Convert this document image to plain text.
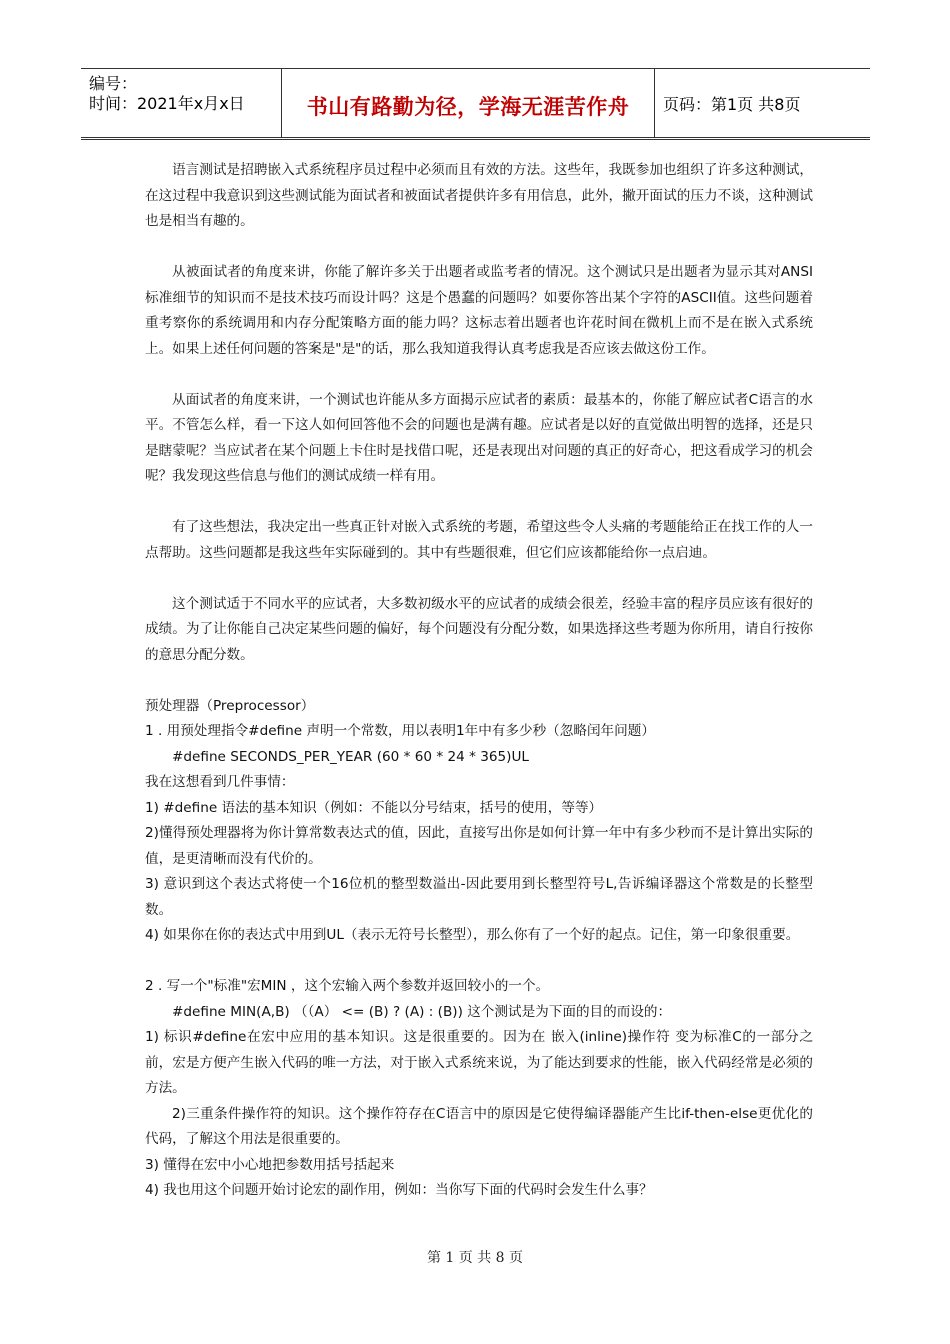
编号：
时间：2021年x月x日	书山有路勤为径，学海无涯苦作舟	页码：第1页 共8页

语言测试是招聘嵌入式系统程序员过程中必须而且有效的方法。这些年，我既参加也组织了许多这种测试，在这过程中我意识到这些测试能为面试者和被面试者提供许多有用信息，此外，撇开面试的压力不谈，这种测试也是相当有趣的。

从被面试者的角度来讲，你能了解许多关于出题者或监考者的情况。这个测试只是出题者为显示其对ANSI标准细节的知识而不是技术技巧而设计吗？这是个愚蠢的问题吗？如要你答出某个字符的ASCII值。这些问题着重考察你的系统调用和内存分配策略方面的能力吗？这标志着出题者也许花时间在微机上而不是在嵌入式系统上。如果上述任何问题的答案是"是"的话，那么我知道我得认真考虑我是否应该去做这份工作。

从面试者的角度来讲，一个测试也许能从多方面揭示应试者的素质：最基本的，你能了解应试者C语言的水平。不管怎么样，看一下这人如何回答他不会的问题也是满有趣。应试者是以好的直觉做出明智的选择，还是只是瞎蒙呢？当应试者在某个问题上卡住时是找借口呢，还是表现出对问题的真正的好奇心，把这看成学习的机会呢？我发现这些信息与他们的测试成绩一样有用。

有了这些想法，我决定出一些真正针对嵌入式系统的考题，希望这些令人头痛的考题能给正在找工作的人一点帮助。这些问题都是我这些年实际碰到的。其中有些题很难，但它们应该都能给你一点启迪。

这个测试适于不同水平的应试者，大多数初级水平的应试者的成绩会很差，经验丰富的程序员应该有很好的成绩。为了让你能自己决定某些问题的偏好，每个问题没有分配分数，如果选择这些考题为你所用，请自行按你的意思分配分数。

预处理器（Preprocessor）

1 . 用预处理指令#define 声明一个常数，用以表明1年中有多少秒（忽略闰年问题）

#define SECONDS_PER_YEAR (60 * 60 * 24 * 365)UL

我在这想看到几件事情：

1) #define 语法的基本知识（例如：不能以分号结束，括号的使用，等等）

2)懂得预处理器将为你计算常数表达式的值，因此，直接写出你是如何计算一年中有多少秒而不是计算出实际的值，是更清晰而没有代价的。

3) 意识到这个表达式将使一个16位机的整型数溢出-因此要用到长整型符号L,告诉编译器这个常数是的长整型数。

4) 如果你在你的表达式中用到UL（表示无符号长整型），那么你有了一个好的起点。记住，第一印象很重要。

2 . 写一个"标准"宏MIN ，这个宏输入两个参数并返回较小的一个。

#define MIN(A,B) （（A） <= (B) ? (A) : (B)) 这个测试是为下面的目的而设的：

1) 标识#define在宏中应用的基本知识。这是很重要的。因为在 嵌入(inline)操作符 变为标准C的一部分之前，宏是方便产生嵌入代码的唯一方法，对于嵌入式系统来说，为了能达到要求的性能，嵌入代码经常是必须的方法。

2)三重条件操作符的知识。这个操作符存在C语言中的原因是它使得编译器能产生比if-then-else更优化的代码，了解这个用法是很重要的。

3) 懂得在宏中小心地把参数用括号括起来

4) 我也用这个问题开始讨论宏的副作用，例如：当你写下面的代码时会发生什么事？

第 1 页 共 8 页
